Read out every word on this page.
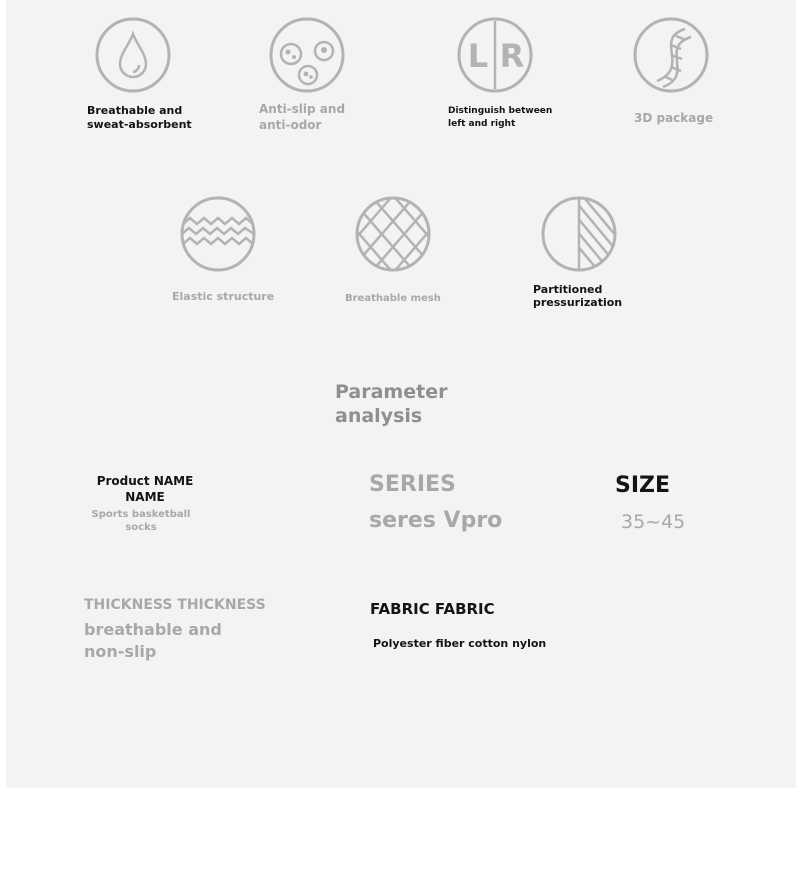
L R
Breathable and
sweat-absorbent
Anti-slip and
anti-odor
Distinguish between
left and right	3D package
Elastic structure	Breathable mesh
Partitioned
pressurization
Parameter
analysis
Product NAME
NAME
Sports basketball
socks
SERIES
seres Vpro
SIZE
35~45
THICKNESS THICKNESS
breathable and
non-slip
FABRIC FABRIC
Polyester fiber cotton nylon
